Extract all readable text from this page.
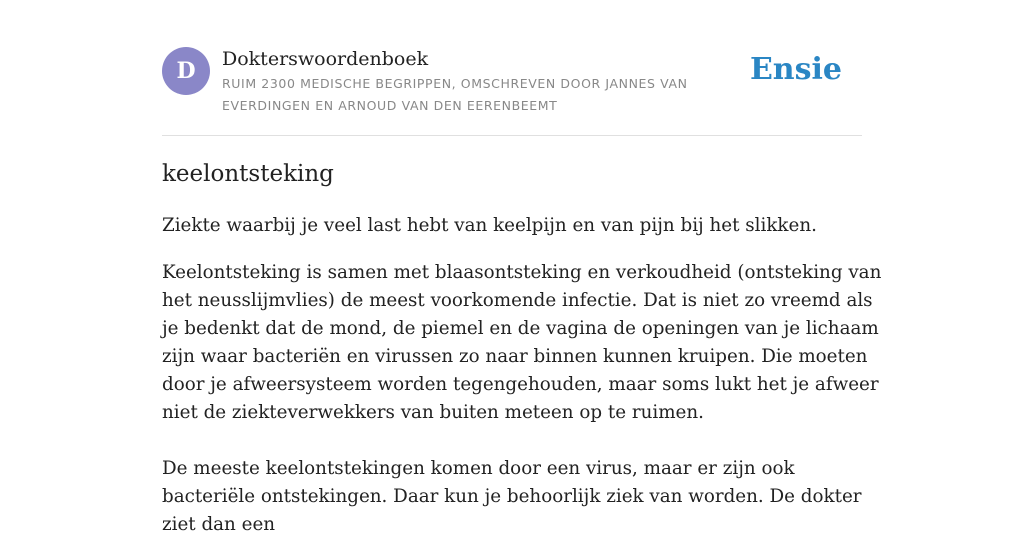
D	Dokterswoordenboek
RUIM 2300 MEDISCHE BEGRIPPEN, OMSCHREVEN DOOR JANNES VAN EVERDINGEN EN ARNOUD VAN DEN EERENBEEMT
Ensie
keelontsteking

Ziekte waarbij je veel last hebt van keelpijn en van pijn bij het slikken.

Keelontsteking is samen met blaasontsteking en verkoudheid (ontsteking van het neusslijmvlies) de meest voorkomende infectie. Dat is niet zo vreemd als je bedenkt dat de mond, de piemel en de vagina de openingen van je lichaam zijn waar bacteriën en virussen zo naar binnen kunnen kruipen. Die moeten door je afweersysteem worden tegengehouden, maar soms lukt het je afweer niet de ziekteverwekkers van buiten meteen op te ruimen.

De meeste keelontstekingen komen door een virus, maar er zijn ook bacteriële ontstekingen. Daar kun je behoorlijk ziek van worden. De dokter ziet dan een
